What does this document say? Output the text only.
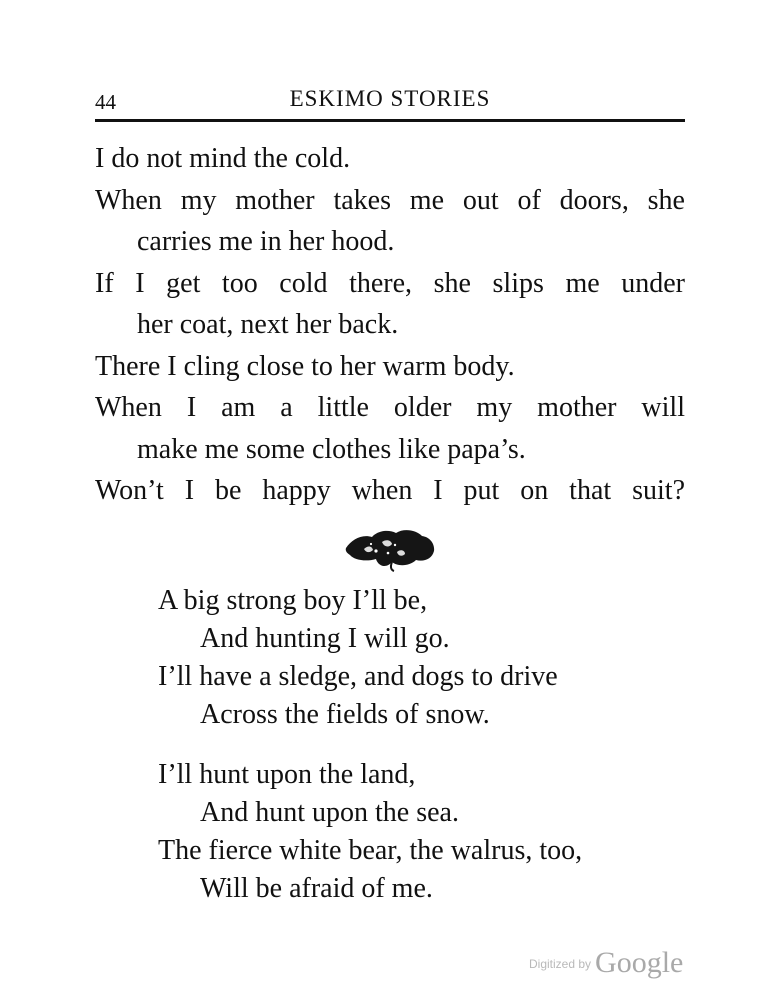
44	ESKIMO STORIES
I do not mind the cold.
When my mother takes me out of doors, she
carries me in her hood.
If I get too cold there, she slips me under
her coat, next her back.
There I cling close to her warm body.
When I am a little older my mother will
make me some clothes like papa’s.
Won’t I be happy when I put on that suit?
A big strong boy I’ll be,
And hunting I will go.
I’ll have a sledge, and dogs to drive
Across the fields of snow.
I’ll hunt upon the land,
And hunt upon the sea.
The fierce white bear, the walrus, too,
Will be afraid of me.
$^{Digitized by}$ Google
